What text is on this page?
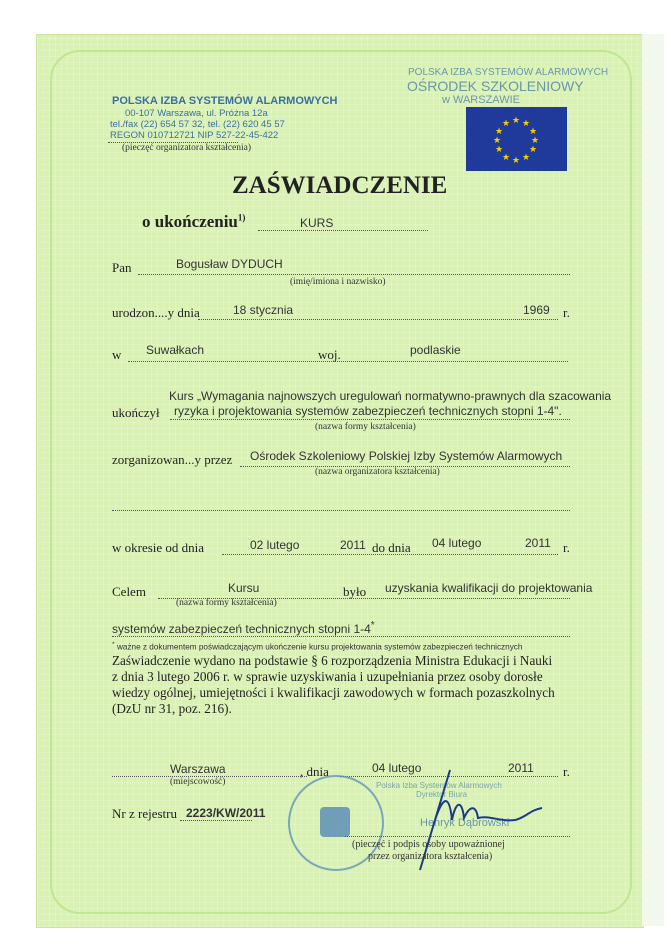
POLSKA IZBA SYSTEMÓW ALARMOWYCH
00-107 Warszawa, ul. Próżna 12a
tel./fax (22) 654 57 32, tel. (22) 620 45 57
REGON 010712721 NIP 527-22-45-422
(pieczęć organizatora kształcenia)
POLSKA IZBA SYSTEMÓW ALARMOWYCH
OŚRODEK SZKOLENIOWY
w WARSZAWIE
★ ★
★
★
★
★
★
★
★
★
★
★
ZAŚWIADCZENIE
o ukończeniu$^{1)}$	KURS
Pan	Bogusław DYDUCH
(imię/imiona i nazwisko)
urodzon....y dnia	18 stycznia	1969 r.
w Suwałkach	woj.	podlaskie
Kurs „Wymagania najnowszych uregulowań normatywno-prawnych dla szacowania
ukończył ryzyka i projektowania systemów zabezpieczeń technicznych stopni 1-4".
(nazwa formy kształcenia)
zorganizowan...y przez Ośrodek Szkoleniowy Polskiej Izby Systemów Alarmowych
(nazwa organizatora kształcenia)
w okresie od dnia	02 lutego	2011 do dnia 04 lutego	2011 r.
Celem	Kursu
(nazwa formy kształcenia)
było uzyskania kwalifikacji do projektowania
systemów zabezpieczeń technicznych stopni 1-4*
* ważne z dokumentem poświadczającym ukończenie kursu projektowania systemów zabezpieczeń technicznych
Zaświadczenie wydano na podstawie § 6 rozporządzenia Ministra Edukacji i Nauki
z dnia 3 lutego 2006 r. w sprawie uzyskiwania i uzupełniania przez osoby dorosłe
wiedzy ogólnej, umiejętności i kwalifikacji zawodowych w formach pozaszkolnych
(DzU nr 31, poz. 216).
Warszawa
(miejscowość)
, dnia	04 lutego	2011 r.
Nr z rejestru 2223/KW/2011
Polska Izba Systemów Alarmowych
Dyrektor Biura
Henryk Dąbrowski
(pieczęć i podpis osoby upoważnionej
przez organizatora kształcenia)
